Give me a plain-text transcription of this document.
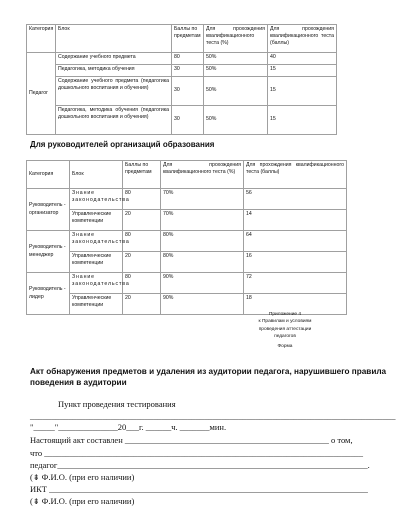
Категория	Блок	Баллы по предметам	Для прохождения квалификационного теста (%)	Для прохождения квалификационного теста (баллы)
Педагог	Содержание учебного предмета	80	50%	40
	Педагогика, методика обучения	30	50%	15
	Содержание учебного предмета (педагогика дошкольного воспитания и обучения)	30	50%	15
	Педагогика, методика обучения (педагогика дошкольного воспитания и обучения)	30	50%	15
Для руководителей организаций образования
Категория	Блок	Баллы по предметам	Для прохождения квалификационного теста (%)	Для прохождения квалификационного теста (баллы)
Руководитель - организатор	Знание законодательства	80	70%	56
	Управленческие компетенции	20	70%	14
Руководитель - менеджер	Знание законодательства	80	80%	64
	Управленческие компетенции	20	80%	16
Руководитель - лидер	Знание законодательства	80	90%	72
	Управленческие компетенции	20	90%	18
Приложение 4
к Правилам и условиям
проведения аттестации
педагогов
Форма
Акт обнаружения предметов и удаления из аудитории педагога, нарушившего правила поведения в аудитории
Пункт проведения тестирования
______________________________________________________________________________________
"_____"______________20___г. ______ч. _______мин.
Настоящий акт составлен ________________________________________________ о том,
что ___________________________________________________________________________
педагог_________________________________________________________________________.
(⇟ Ф.И.О. (при его наличии)
ИКТ ___________________________________________________________________________
(⇟ Ф.И.О. (при его наличии)
